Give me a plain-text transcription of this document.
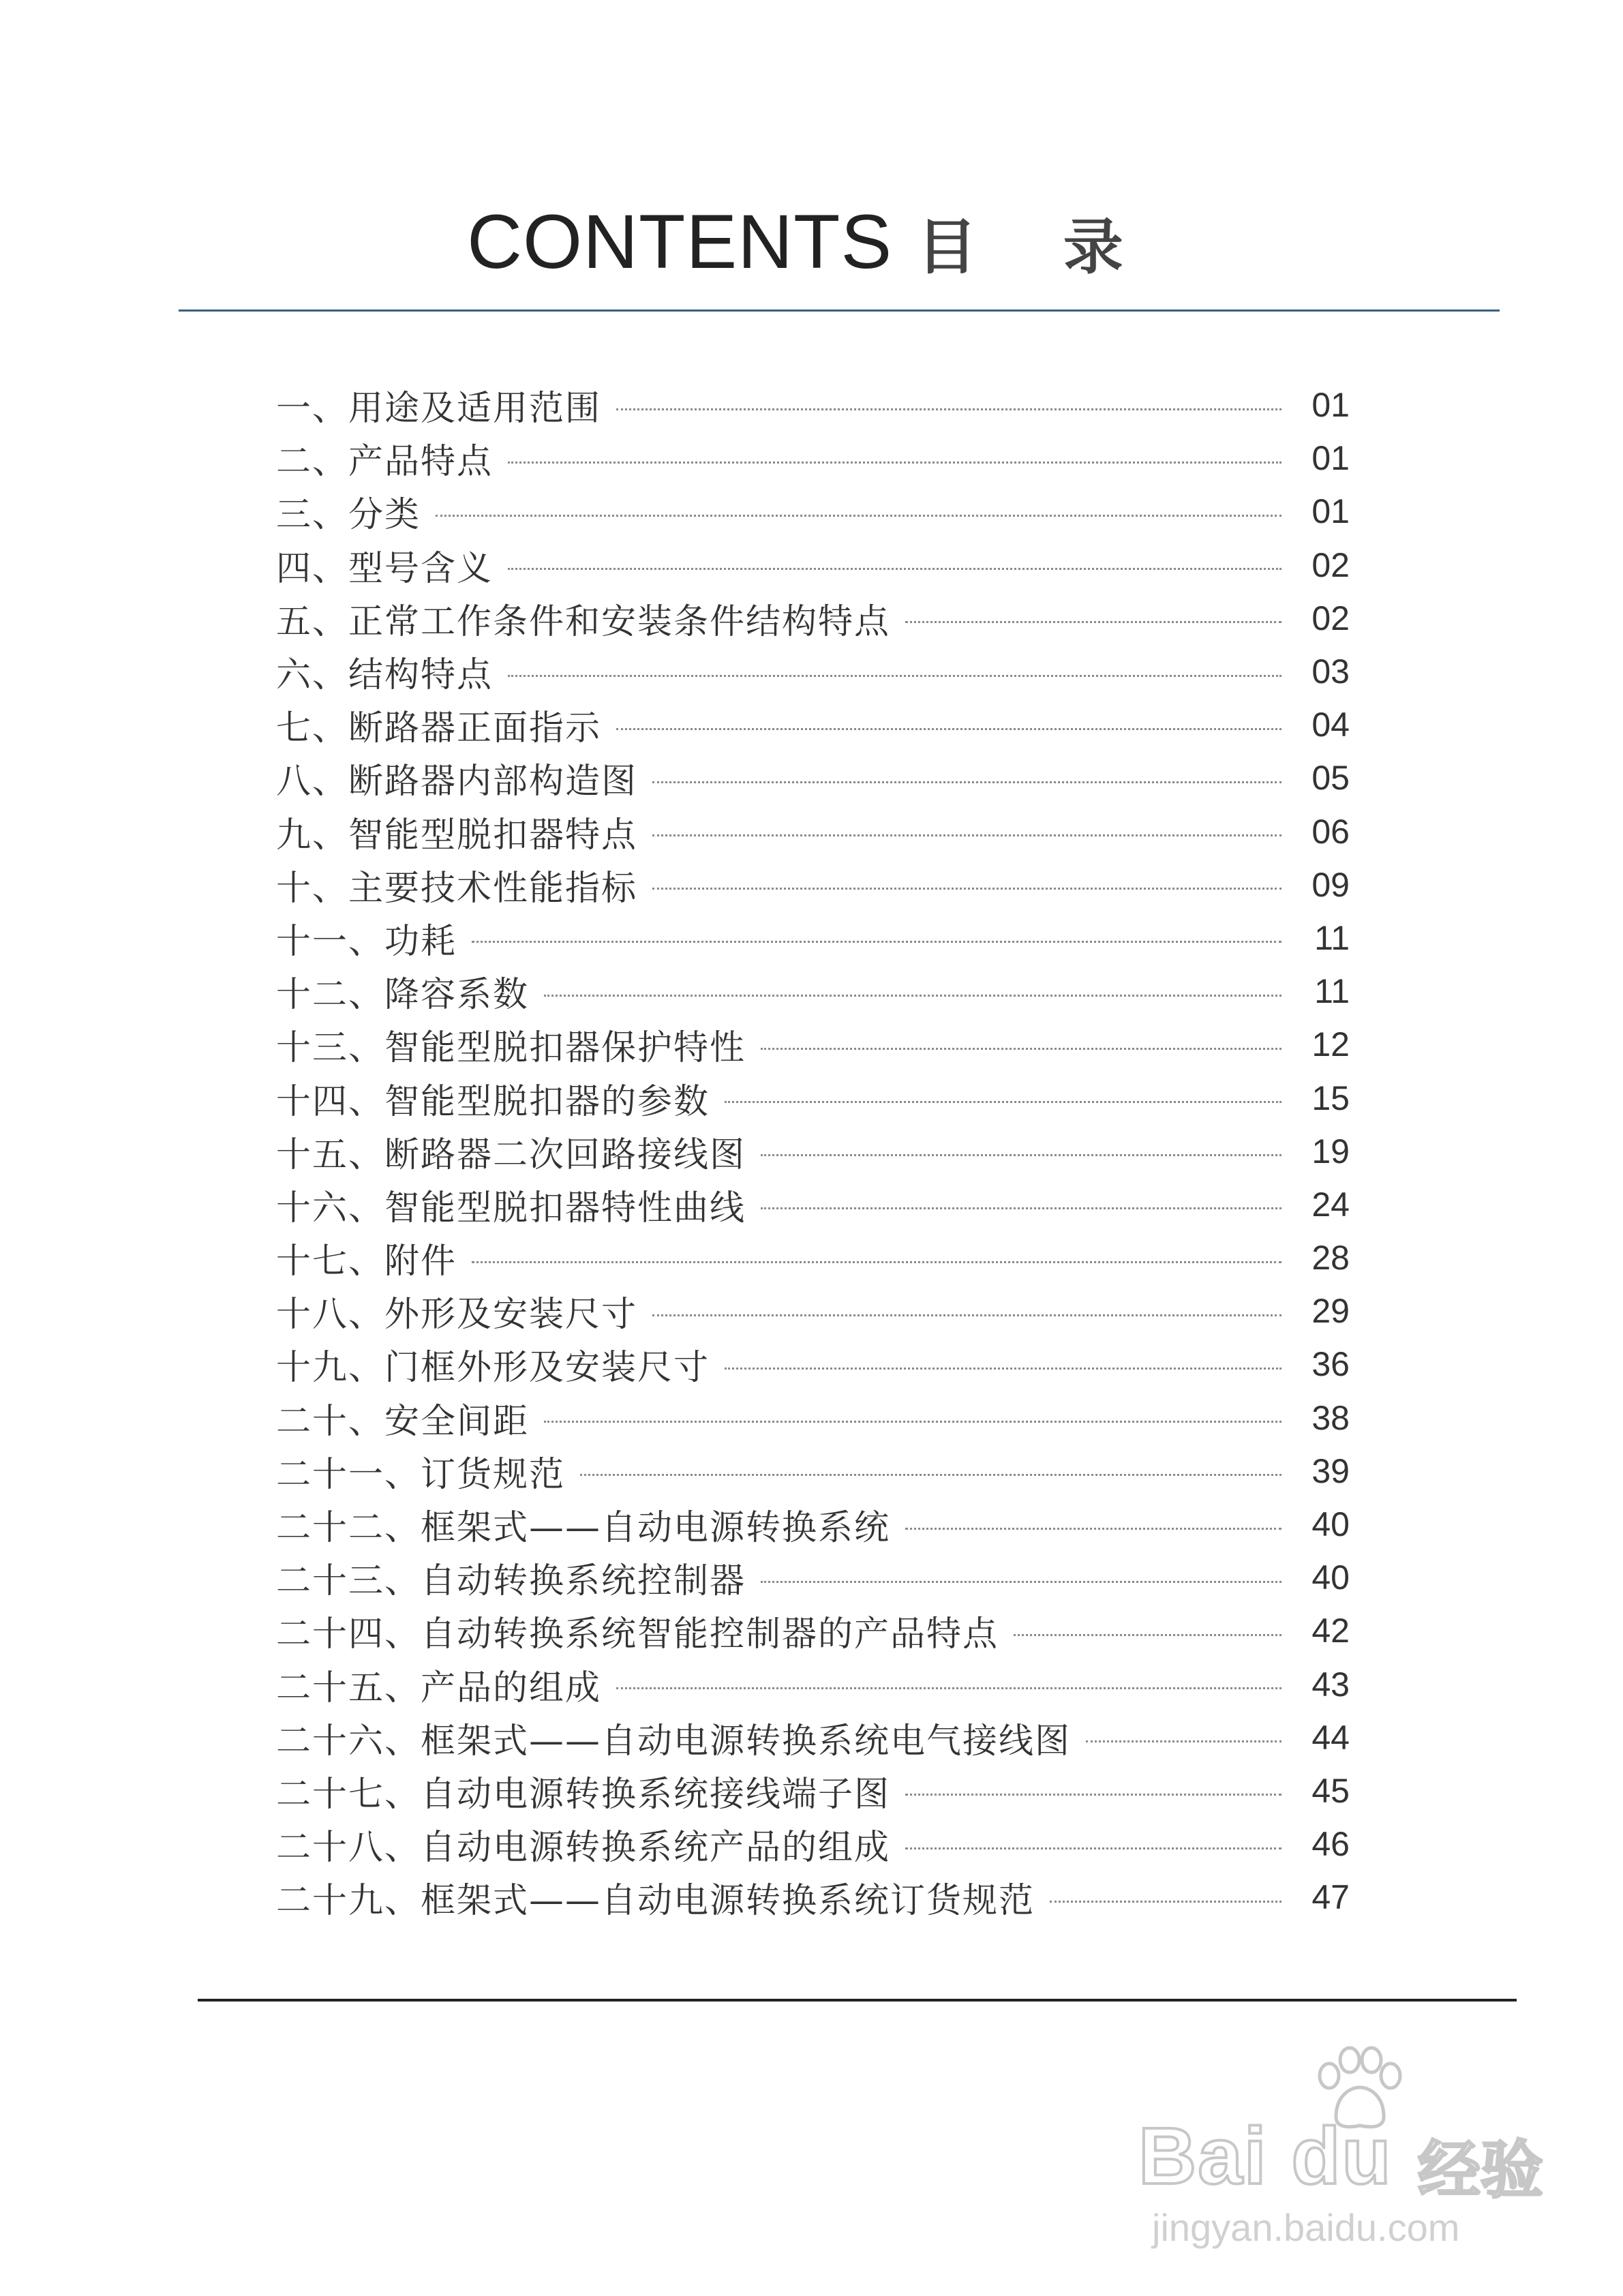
CONTENTS 目 录
一、用途及适用范围	01
二、产品特点	01
三、分类	01
四、型号含义	02
五、正常工作条件和安装条件结构特点	02
六、结构特点	03
七、断路器正面指示	04
八、断路器内部构造图	05
九、智能型脱扣器特点	06
十、主要技术性能指标	09
十一、功耗	11
十二、降容系数	11
十三、智能型脱扣器保护特性	12
十四、智能型脱扣器的参数	15
十五、断路器二次回路接线图	19
十六、智能型脱扣器特性曲线	24
十七、附件	28
十八、外形及安装尺寸	29
十九、门框外形及安装尺寸	36
二十、安全间距	38
二十一、订货规范	39
二十二、框架式——自动电源转换系统	40
二十三、自动转换系统控制器	40
二十四、自动转换系统智能控制器的产品特点	42
二十五、产品的组成	43
二十六、框架式——自动电源转换系统电气接线图	44
二十七、自动电源转换系统接线端子图	45
二十八、自动电源转换系统产品的组成	46
二十九、框架式——自动电源转换系统订货规范	47
Bai du 经验
jingyan.baidu.com
